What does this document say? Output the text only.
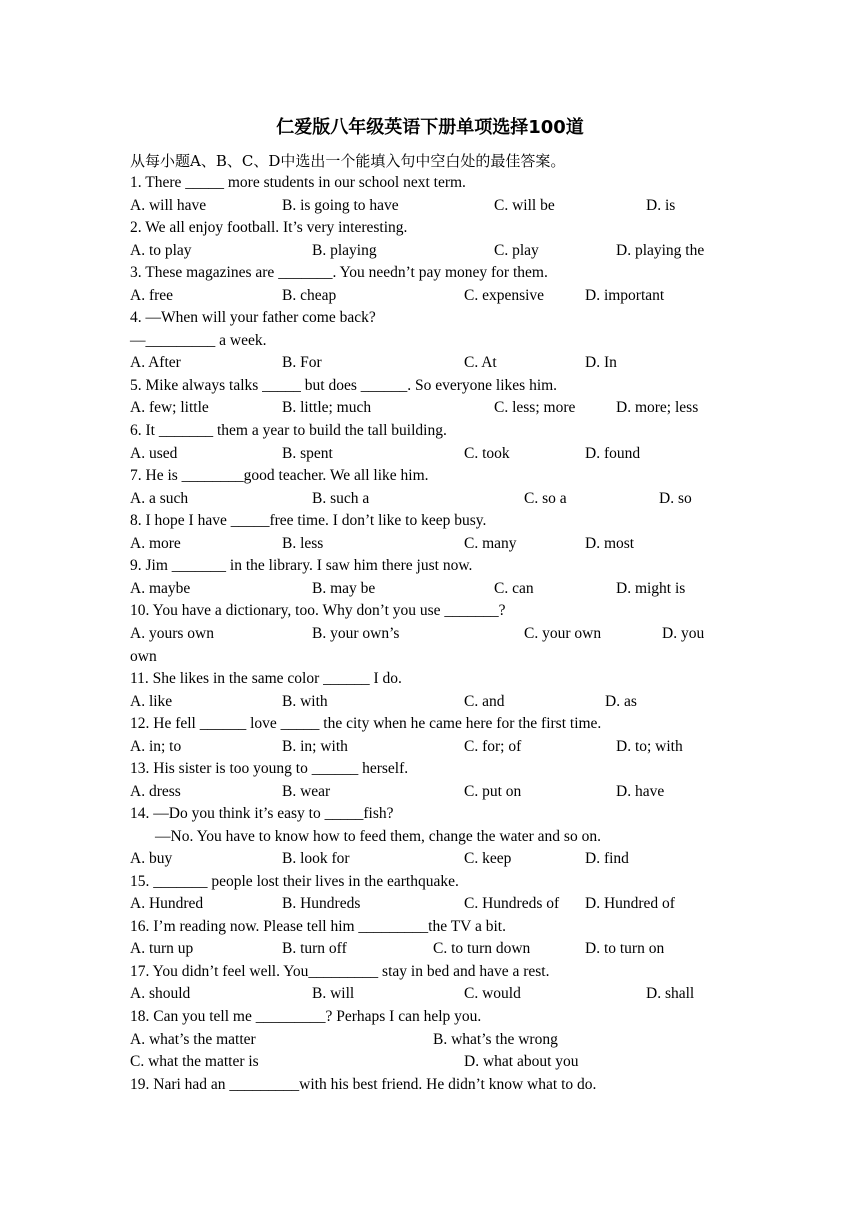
仁爱版八年级英语下册单项选择100道
从每小题A、B、C、D中选出一个能填入句中空白处的最佳答案。
1. There _____ more students in our school next term.
A. will have	B. is going to have	C. will be	D. is
2. We all enjoy football. It’s very interesting.
A. to play	B. playing	C. play	D. playing the
3. These magazines are _______. You needn’t pay money for them.
A. free	B. cheap	C. expensive	D. important
4. —When will your father come back?
—_________ a week.
A. After	B. For	C. At	D. In
5. Mike always talks _____ but does ______. So everyone likes him.
A. few; little	B. little; much	C. less; more	D. more; less
6. It _______ them a year to build the tall building.
A. used	B. spent	C. took	D. found
7. He is ________good teacher. We all like him.
A. a such	B. such a	C. so a	D. so
8. I hope I have _____free time. I don’t like to keep busy.
A. more	B. less	C. many	D. most
9. Jim _______ in the library. I saw him there just now.
A. maybe	B. may be	C. can	D. might is
10. You have a dictionary, too. Why don’t you use _______?
A. yours own	B. your own’s	C. your own	D. you
own
11. She likes in the same color ______ I do.
A. like	B. with	C. and	D. as
12. He fell ______ love _____ the city when he came here for the first time.
A. in; to	B. in; with	C. for; of	D. to; with
13. His sister is too young to ______ herself.
A. dress	B. wear	C. put on	D. have
14. —Do you think it’s easy to _____fish?
—No. You have to know how to feed them, change the water and so on.
A. buy	B. look for	C. keep	D. find
15. _______ people lost their lives in the earthquake.
A. Hundred	B. Hundreds	C. Hundreds of D. Hundred of
16. I’m reading now. Please tell him _________the TV a bit.
A. turn up	B. turn off	C. to turn down	D. to turn on
17. You didn’t feel well. You_________ stay in bed and have a rest.
A. should	B. will	C. would	D. shall
18. Can you tell me _________? Perhaps I can help you.
A. what’s the matter	B. what’s the wrong
C. what the matter is	D. what about you
19. Nari had an _________with his best friend. He didn’t know what to do.
